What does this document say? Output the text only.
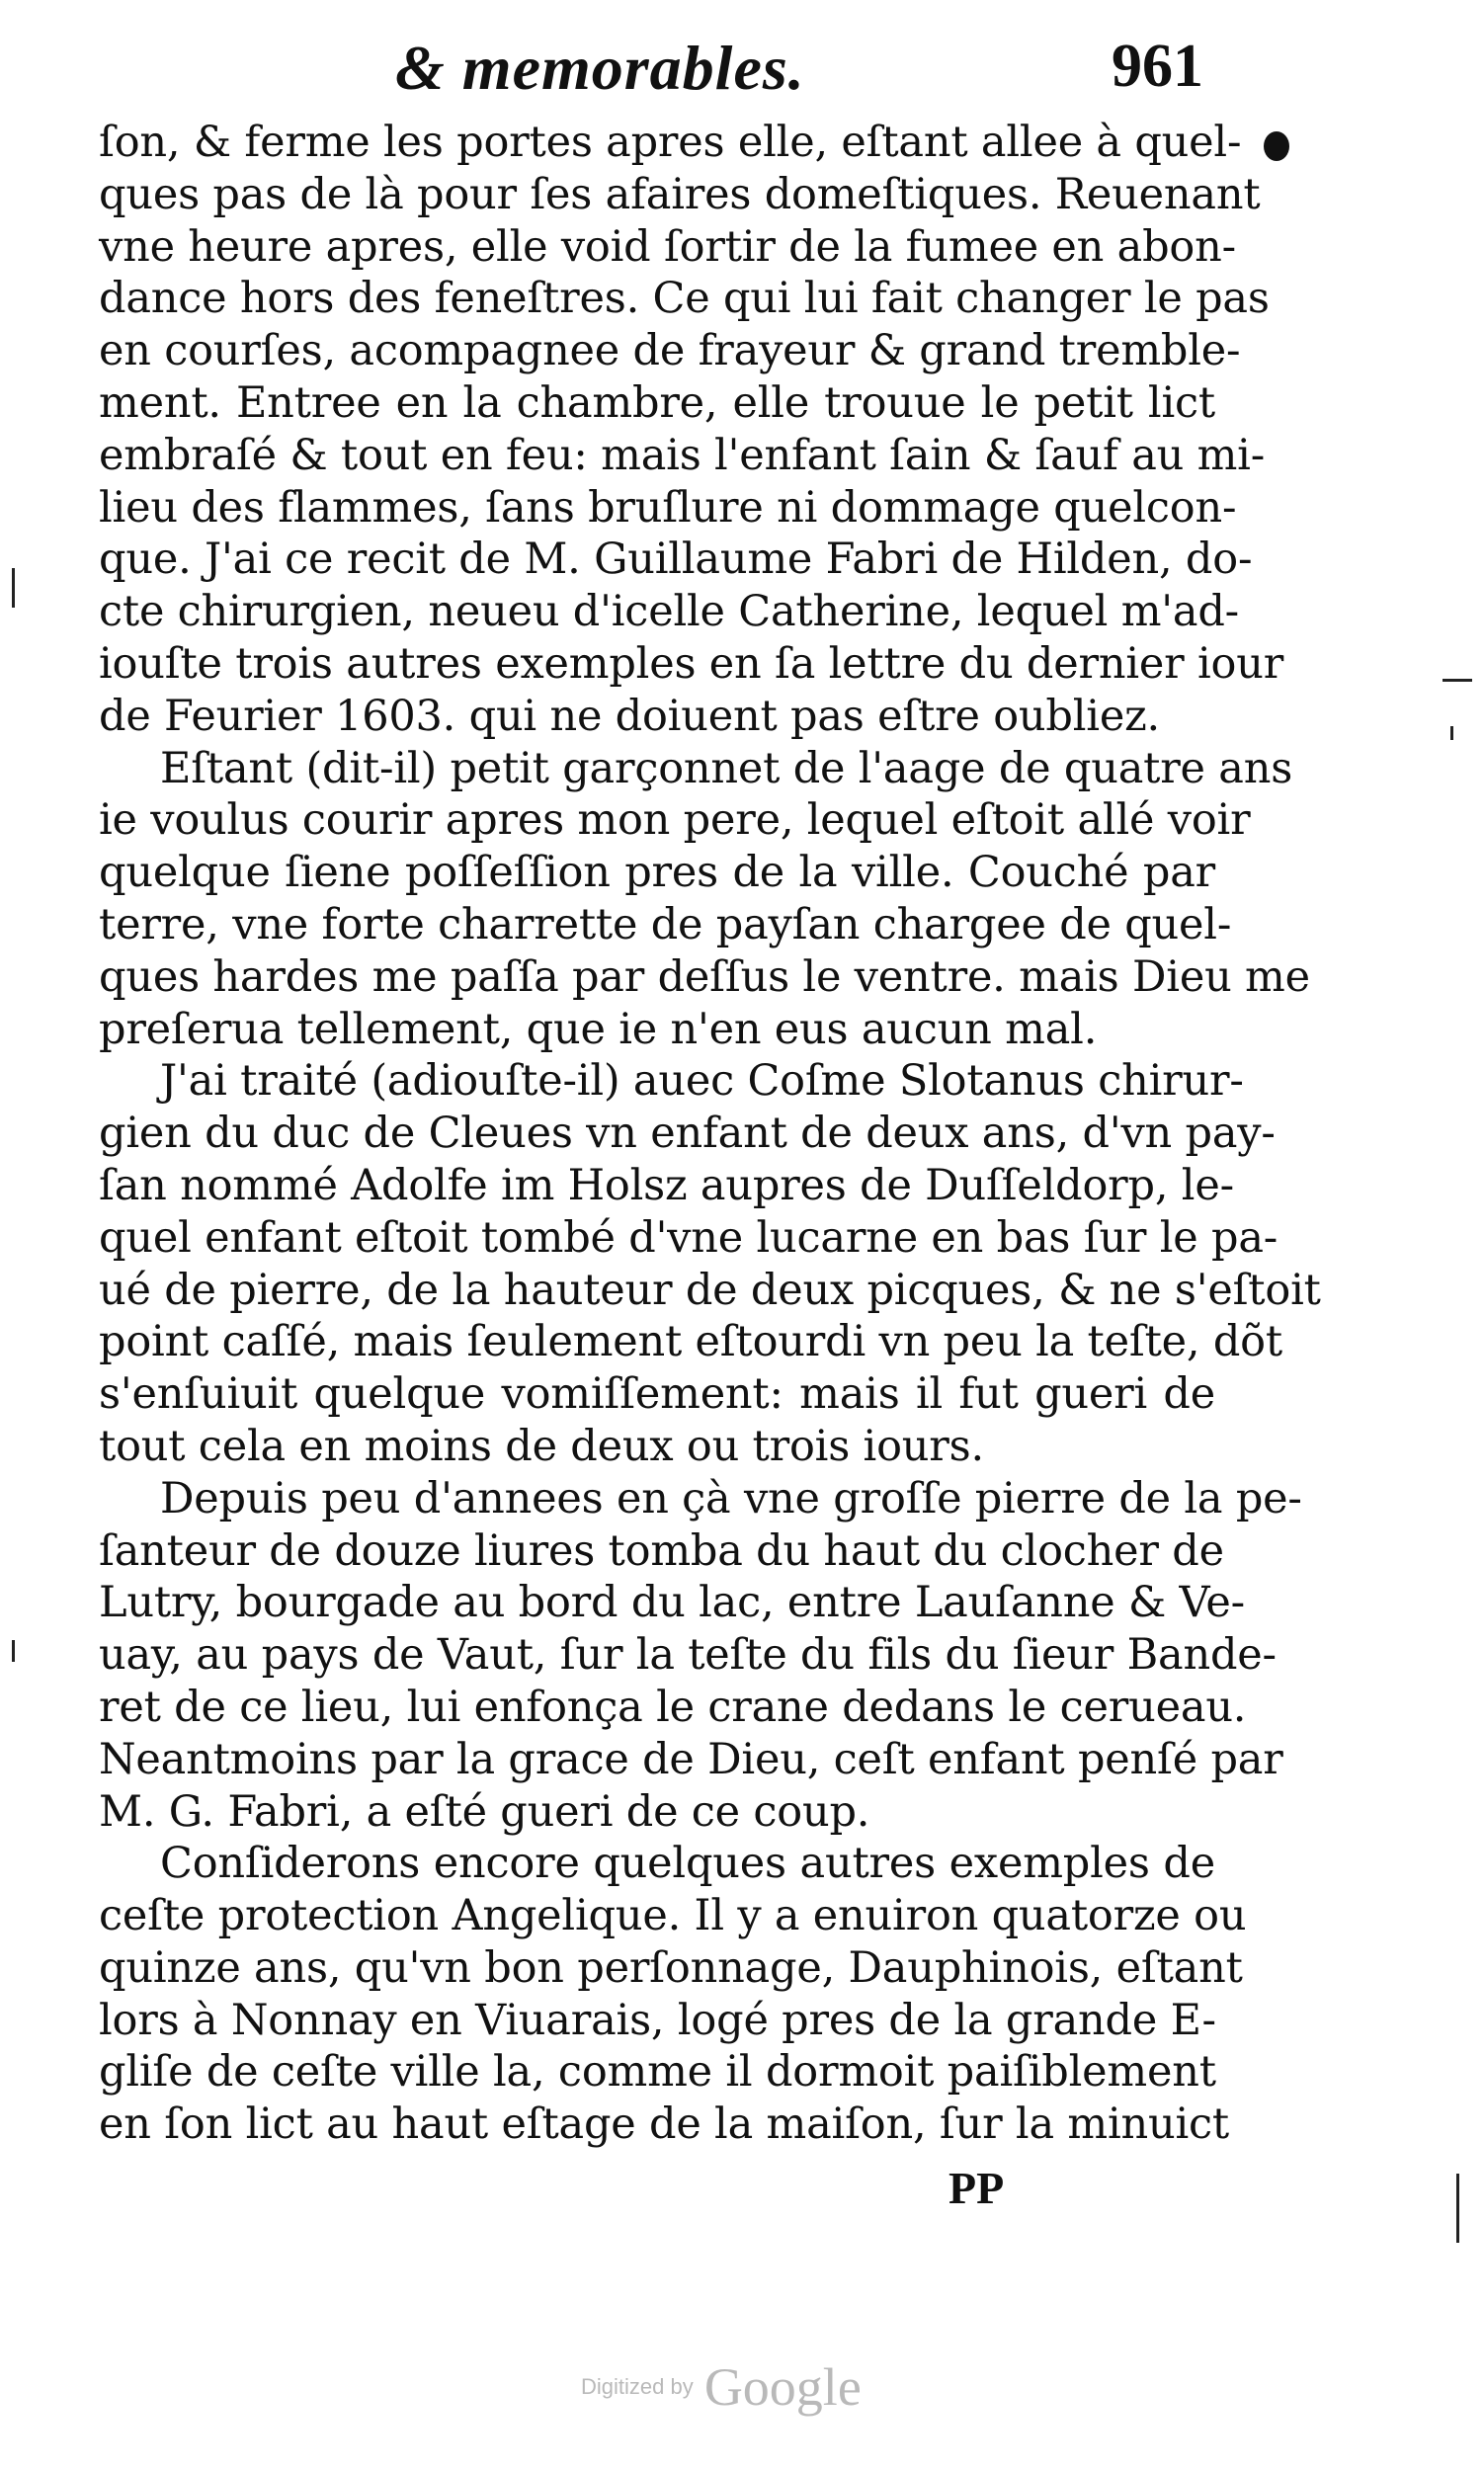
& memorables.	961
ſon, & ferme les portes apres elle, eſtant allee à quel-
ques pas de là pour ſes afaires domeſtiques. Reuenant
vne heure apres, elle void ſortir de la fumee en abon-
dance hors des feneſtres. Ce qui lui fait changer le pas
en courſes, acompagnee de frayeur & grand tremble-
ment. Entree en la chambre, elle trouue le petit lict
embraſé & tout en feu: mais l'enfant ſain & ſauf au mi-
lieu des flammes, ſans bruſlure ni dommage quelcon-
que. J'ai ce recit de M. Guillaume Fabri de Hilden, do-
cte chirurgien, neueu d'icelle Catherine, lequel m'ad-
iouſte trois autres exemples en ſa lettre du dernier iour
de Feurier 1603. qui ne doiuent pas eſtre oubliez.
Eſtant (dit-il) petit garçonnet de l'aage de quatre ans
ie voulus courir apres mon pere, lequel eſtoit allé voir
quelque ſiene poſſeſſion pres de la ville. Couché par
terre, vne forte charrette de payſan chargee de quel-
ques hardes me paſſa par deſſus le ventre. mais Dieu me
preſerua tellement, que ie n'en eus aucun mal.
J'ai traité (adiouſte-il) auec Coſme Slotanus chirur-
gien du duc de Cleues vn enfant de deux ans, d'vn pay-
ſan nommé Adolfe im Holsz aupres de Duſſeldorp, le-
quel enfant eſtoit tombé d'vne lucarne en bas ſur le pa-
ué de pierre, de la hauteur de deux picques, & ne s'eſtoit
point caſſé, mais ſeulement eſtourdi vn peu la teſte, dõt
s'enſuiuit quelque vomiſſement: mais il fut gueri de
tout cela en moins de deux ou trois iours.
Depuis peu d'annees en çà vne groſſe pierre de la pe-
ſanteur de douze liures tomba du haut du clocher de
Lutry, bourgade au bord du lac, entre Lauſanne & Ve-
uay, au pays de Vaut, ſur la teſte du fils du ſieur Bande-
ret de ce lieu, lui enfonça le crane dedans le cerueau.
Neantmoins par la grace de Dieu, ceſt enfant penſé par
M. G. Fabri, a eſté gueri de ce coup.
Conſiderons encore quelques autres exemples de
ceſte protection Angelique. Il y a enuiron quatorze ou
quinze ans, qu'vn bon perſonnage, Dauphinois, eſtant
lors à Nonnay en Viuarais, logé pres de la grande E-
gliſe de ceſte ville la, comme il dormoit paiſiblement
en ſon lict au haut eſtage de la maiſon, ſur la minuict
PP
Digitized by Google
